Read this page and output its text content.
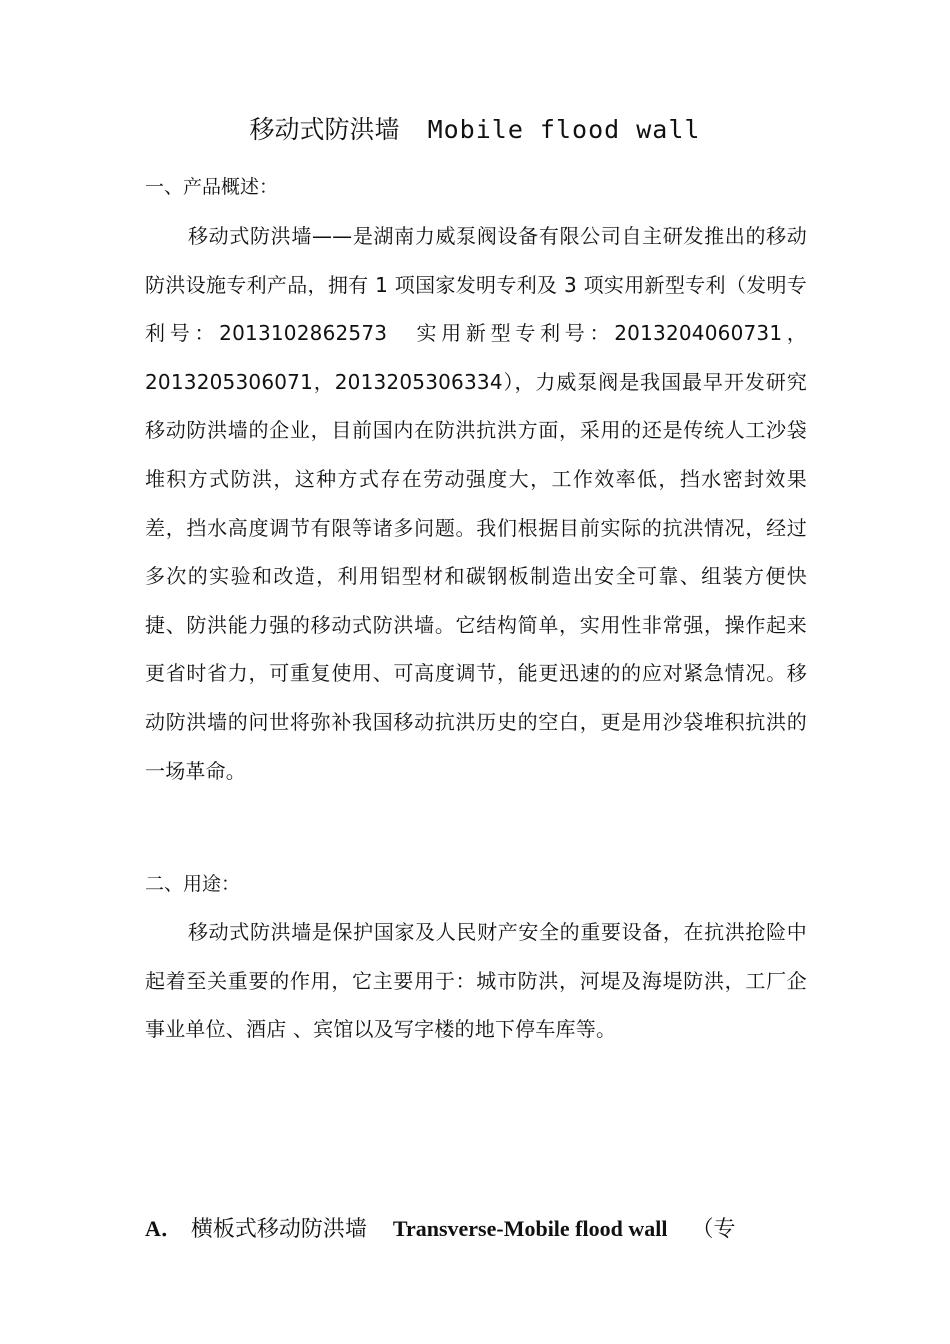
移动式防洪墙 Mobile flood wall
一、产品概述：
移动式防洪墙——是湖南力威泵阀设备有限公司自主研发推出的移动防洪设施专利产品，拥有 1 项国家发明专利及 3 项实用新型专利（发明专利号：2013102862573　实用新型专利号：2013204060731，2013205306071，2013205306334），力威泵阀是我国最早开发研究移动防洪墙的企业，目前国内在防洪抗洪方面，采用的还是传统人工沙袋堆积方式防洪，这种方式存在劳动强度大，工作效率低，挡水密封效果差，挡水高度调节有限等诸多问题。我们根据目前实际的抗洪情况，经过多次的实验和改造，利用铝型材和碳钢板制造出安全可靠、组装方便快捷、防洪能力强的移动式防洪墙。它结构简单，实用性非常强，操作起来更省时省力，可重复使用、可高度调节，能更迅速的的应对紧急情况。移动防洪墙的问世将弥补我国移动抗洪历史的空白，更是用沙袋堆积抗洪的一场革命。
二、用途：
移动式防洪墙是保护国家及人民财产安全的重要设备，在抗洪抢险中起着至关重要的作用，它主要用于：城市防洪，河堤及海堤防洪，工厂企事业单位、酒店 、宾馆以及写字楼的地下停车库等。
A． 横板式移动防洪墙 Transverse-Mobile flood wall （专
